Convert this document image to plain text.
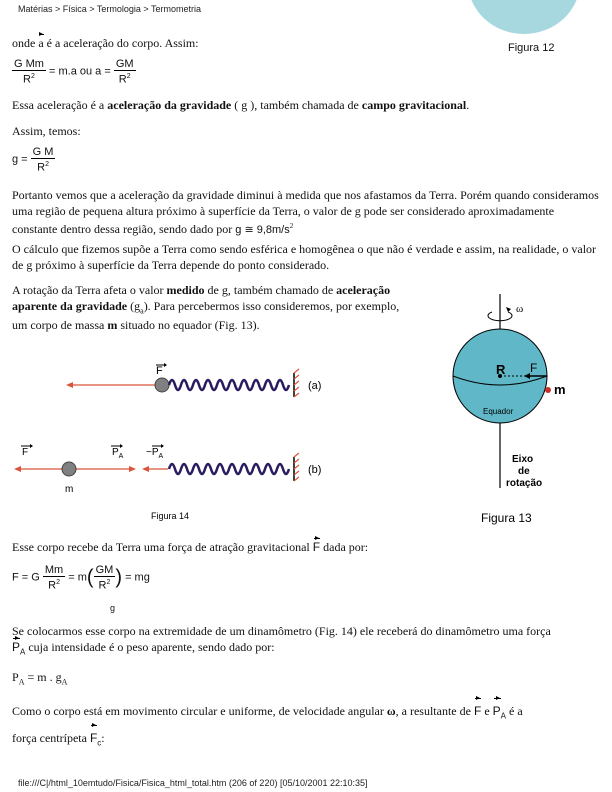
Matérias > Física > Termologia > Termometria
Figura 12
onde a é a aceleração do corpo. Assim:
$\frac{\text{G Mm}}{R^2} = m.a$ ou $a = \frac{GM}{R^2}$
Essa aceleração é a aceleração da gravidade ( g ), também chamada de campo gravitacional.
Assim, temos:
$g = \frac{\text{G M}}{R^2}$
Portanto vemos que a aceleração da gravidade diminui à medida que nos afastamos da Terra. Porém quando consideramos uma região de pequena altura próximo à superfície da Terra, o valor de g pode ser considerado aproximadamente constante dentro dessa região, sendo dado por g ≅ $9,8m/s^2$
O cálculo que fizemos supõe a Terra como sendo esférica e homogênea o que não é verdade e assim, na realidade, o valor de g próximo à superfície da Terra depende do ponto considerado.
A rotação da Terra afeta o valor medido de g, também chamado de aceleração aparente da gravidade $(g_a)$. Para percebermos isso consideremos, por exemplo, um corpo de massa m situado no equador (Fig. 13).
ω
R F
m
Equador
Eixo
de
rotação
Figura 13
F
(a)
F
m
$P_A -P_A$
(b)
Figura 14
Esse corpo recebe da Terra uma força de atração gravitacional F dada por:
F = G $\frac{Mm}{R^2} = m( \frac{GM}{R^2}$ ) = mg
g
Se colocarmos esse corpo na extremidade de um dinamômetro (Fig. 14) ele receberá do dinamômetro uma força
$P_A$ cuja intensidade é o peso aparente, sendo dado por:
$P_A = m$ . $g_A$
Como o corpo está em movimento circular e uniforme, de velocidade angular ω, a resultante de F e $P_A$ é a
força centrípeta $F_c$:
file:///C|/html_10emtudo/Fisica/Fisica_html_total.htm (206 of 220) [05/10/2001 22:10:35]
